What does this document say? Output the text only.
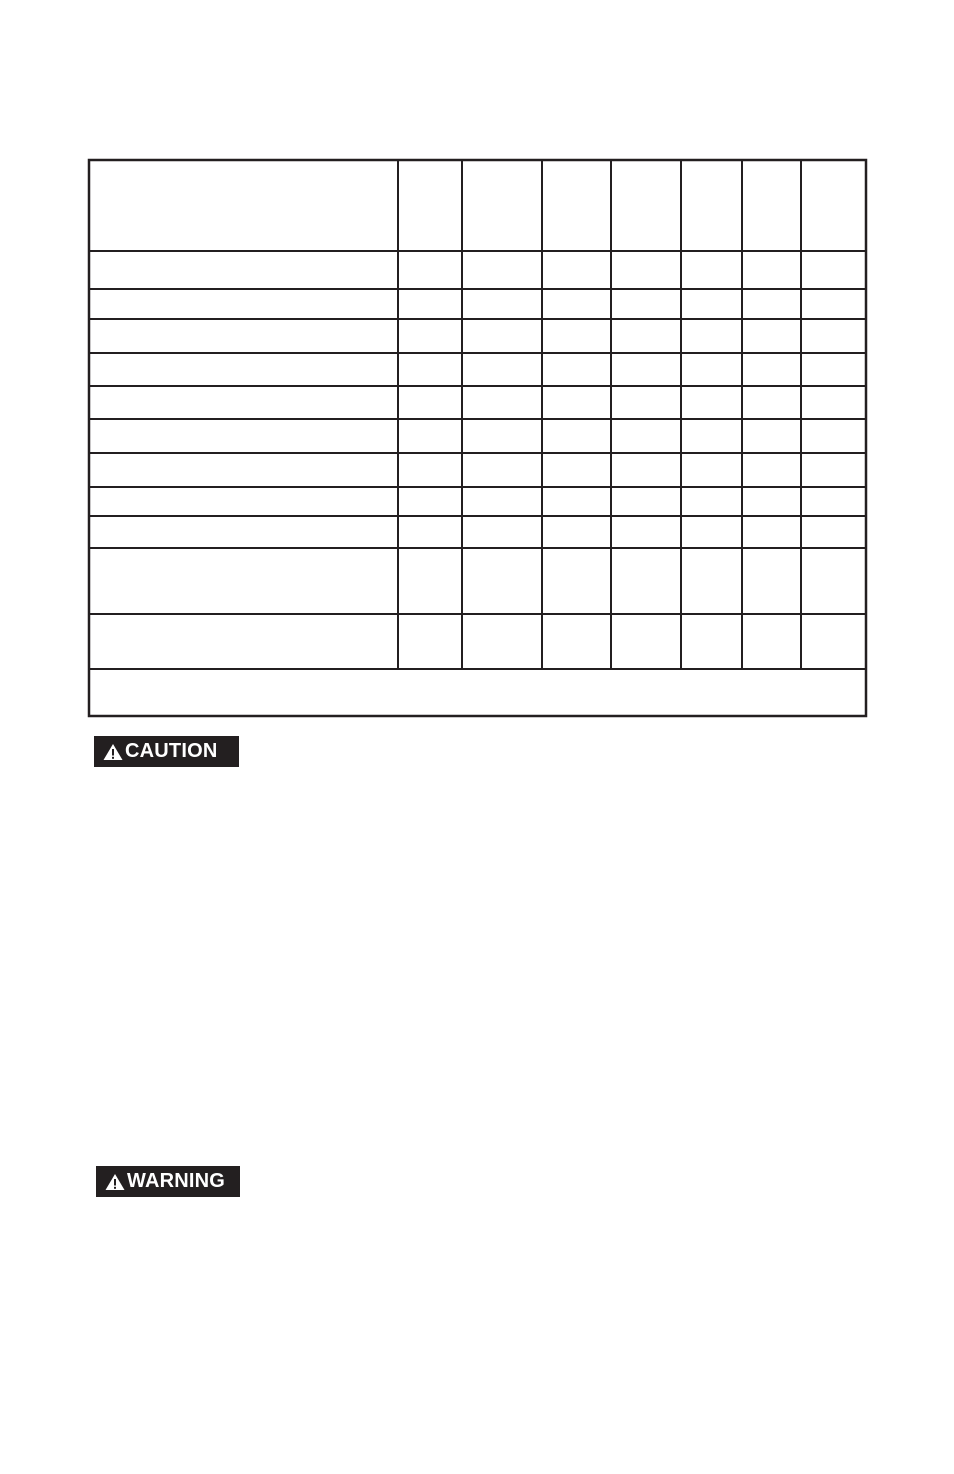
CAUTION
WARNING
